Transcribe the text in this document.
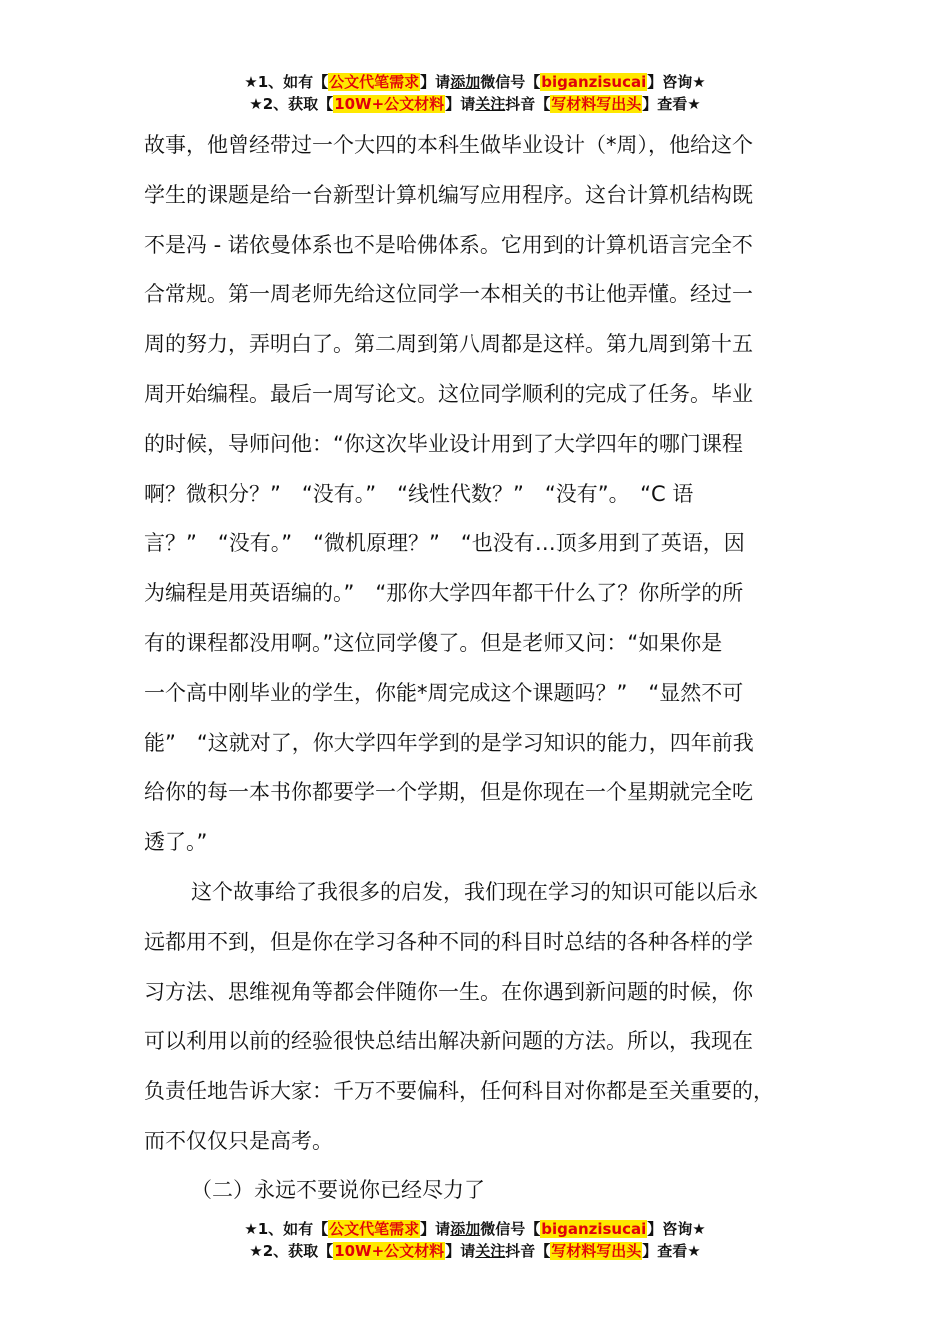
★1、如有【公文代笔需求】请添加微信号【biganzisucai】咨询★
★2、获取【10W+公文材料】请关注抖音【写材料写出头】查看★
故事，他曾经带过一个大四的本科生做毕业设计（*周），他给这个
学生的课题是给一台新型计算机编写应用程序。这台计算机结构既
不是冯 - 诺依曼体系也不是哈佛体系。它用到的计算机语言完全不
合常规。第一周老师先给这位同学一本相关的书让他弄懂。经过一
周的努力，弄明白了。第二周到第八周都是这样。第九周到第十五
周开始编程。最后一周写论文。这位同学顺利的完成了任务。毕业
的时候，导师问他：“你这次毕业设计用到了大学四年的哪门课程
啊？微积分？”　“没有。”　“线性代数？”　“没有”。　“C 语
言？”　“没有。”　“微机原理？”　“也没有…顶多用到了英语，因
为编程是用英语编的。”　“那你大学四年都干什么了？你所学的所
有的课程都没用啊。”这位同学傻了。但是老师又问：“如果你是
一个高中刚毕业的学生，你能*周完成这个课题吗？”　“显然不可
能”　“这就对了，你大学四年学到的是学习知识的能力，四年前我
给你的每一本书你都要学一个学期，但是你现在一个星期就完全吃
透了。”
这个故事给了我很多的启发，我们现在学习的知识可能以后永
远都用不到，但是你在学习各种不同的科目时总结的各种各样的学
习方法、思维视角等都会伴随你一生。在你遇到新问题的时候，你
可以利用以前的经验很快总结出解决新问题的方法。所以，我现在
负责任地告诉大家：千万不要偏科，任何科目对你都是至关重要的，
而不仅仅只是高考。
（二）永远不要说你已经尽力了
★1、如有【公文代笔需求】请添加微信号【biganzisucai】咨询★
★2、获取【10W+公文材料】请关注抖音【写材料写出头】查看★
